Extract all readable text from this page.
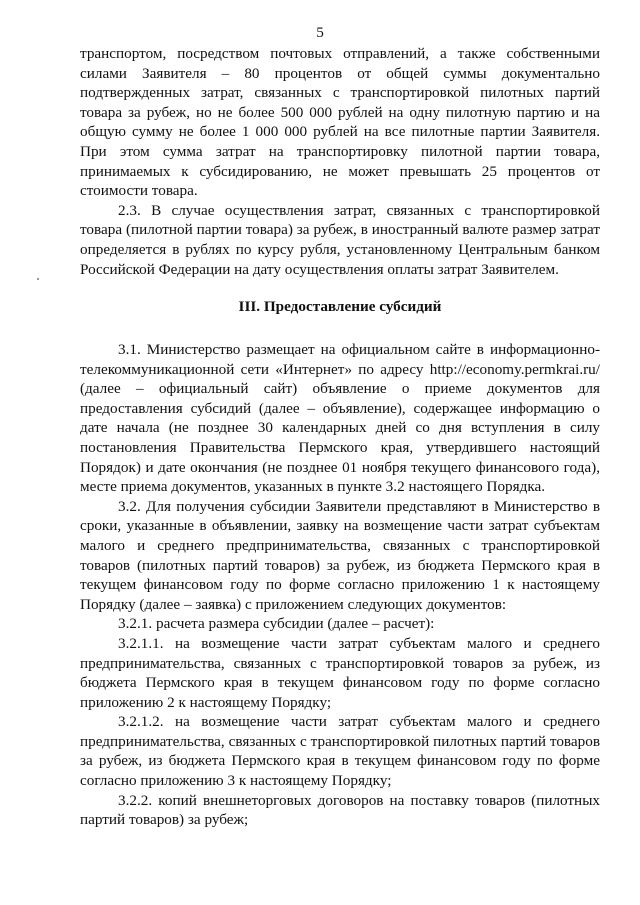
5

транспортом, посредством почтовых отправлений, а также собственными силами Заявителя – 80 процентов от общей суммы документально подтвержденных затрат, связанных с транспортировкой пилотных партий товара за рубеж, но не более 500 000 рублей на одну пилотную партию и на общую сумму не более 1 000 000 рублей на все пилотные партии Заявителя. При этом сумма затрат на транспортировку пилотной партии товара, принимаемых к субсидированию, не может превышать 25 процентов от стоимости товара.

2.3. В случае осуществления затрат, связанных с транспортировкой товара (пилотной партии товара) за рубеж, в иностранный валюте размер затрат определяется в рублях по курсу рубля, установленному Центральным банком Российской Федерации на дату осуществления оплаты затрат Заявителем.

III. Предоставление субсидий

3.1. Министерство размещает на официальном сайте в информационно-телекоммуникационной сети «Интернет» по адресу http://economy.permkrai.ru/ (далее – официальный сайт) объявление о приеме документов для предоставления субсидий (далее – объявление), содержащее информацию о дате начала (не позднее 30 календарных дней со дня вступления в силу постановления Правительства Пермского края, утвердившего настоящий Порядок) и дате окончания (не позднее 01 ноября текущего финансового года), месте приема документов, указанных в пункте 3.2 настоящего Порядка.

3.2. Для получения субсидии Заявители представляют в Министерство в сроки, указанные в объявлении, заявку на возмещение части затрат субъектам малого и среднего предпринимательства, связанных с транспортировкой товаров (пилотных партий товаров) за рубеж, из бюджета Пермского края в текущем финансовом году по форме согласно приложению 1 к настоящему Порядку (далее – заявка) с приложением следующих документов:

3.2.1. расчета размера субсидии (далее – расчет):

3.2.1.1. на возмещение части затрат субъектам малого и среднего предпринимательства, связанных с транспортировкой товаров за рубеж, из бюджета Пермского края в текущем финансовом году по форме согласно приложению 2 к настоящему Порядку;

3.2.1.2. на возмещение части затрат субъектам малого и среднего предпринимательства, связанных с транспортировкой пилотных партий товаров за рубеж, из бюджета Пермского края в текущем финансовом году по форме согласно приложению 3 к настоящему Порядку;

3.2.2. копий внешнеторговых договоров на поставку товаров (пилотных партий товаров) за рубеж;
